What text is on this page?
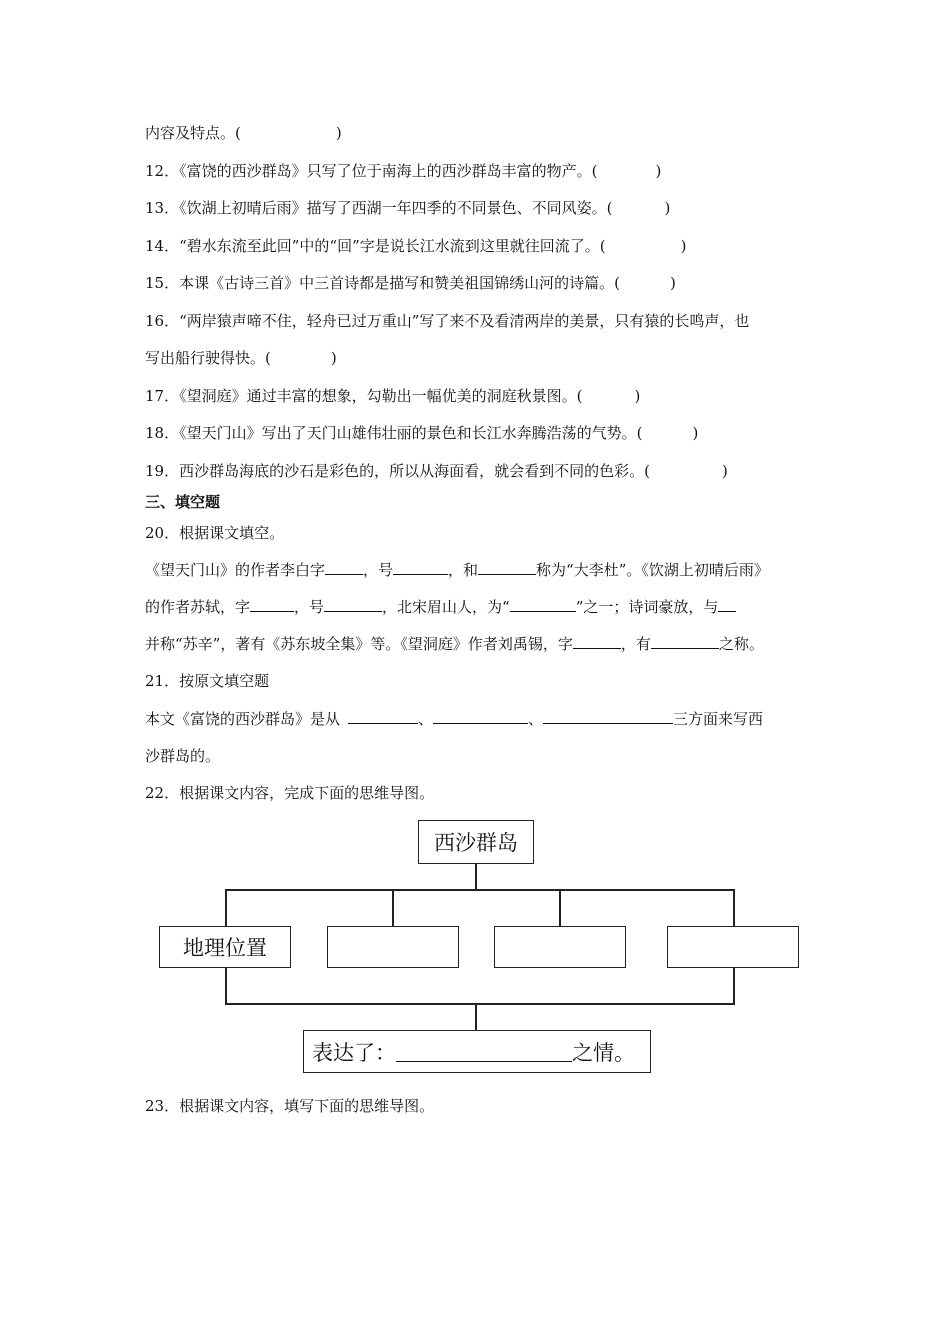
内容及特点。(	)
12．《富饶的西沙群岛》只写了位于南海上的西沙群岛丰富的物产。(	)
13．《饮湖上初晴后雨》描写了西湖一年四季的不同景色、不同风姿。(	)
14．“碧水东流至此回”中的“回”字是说长江水流到这里就往回流了。(	)
15．本课《古诗三首》中三首诗都是描写和赞美祖国锦绣山河的诗篇。(	)
16．“两岸猿声啼不住，轻舟已过万重山”写了来不及看清两岸的美景，只有猿的长鸣声，也
写出船行驶得快。(	)
17．《望洞庭》通过丰富的想象，勾勒出一幅优美的洞庭秋景图。(	)
18．《望天门山》写出了天门山雄伟壮丽的景色和长江水奔腾浩荡的气势。(	)
19．西沙群岛海底的沙石是彩色的，所以从海面看，就会看到不同的色彩。(	)
三、填空题
20．根据课文填空。
《望天门山》的作者李白字	，号	，和	称为“大李杜”。《饮湖上初晴后雨》
的作者苏轼，字	，号	，北宋眉山人，为“	”之一；诗词豪放，与
并称“苏辛”，著有《苏东坡全集》等。《望洞庭》作者刘禹锡，字	，有	之称。
21．按原文填空题
本文《富饶的西沙群岛》是从	、	、	三方面来写西
沙群岛的。
22．根据课文内容，完成下面的思维导图。
西沙群岛
地理位置
表达了：	之情。
23．根据课文内容，填写下面的思维导图。
